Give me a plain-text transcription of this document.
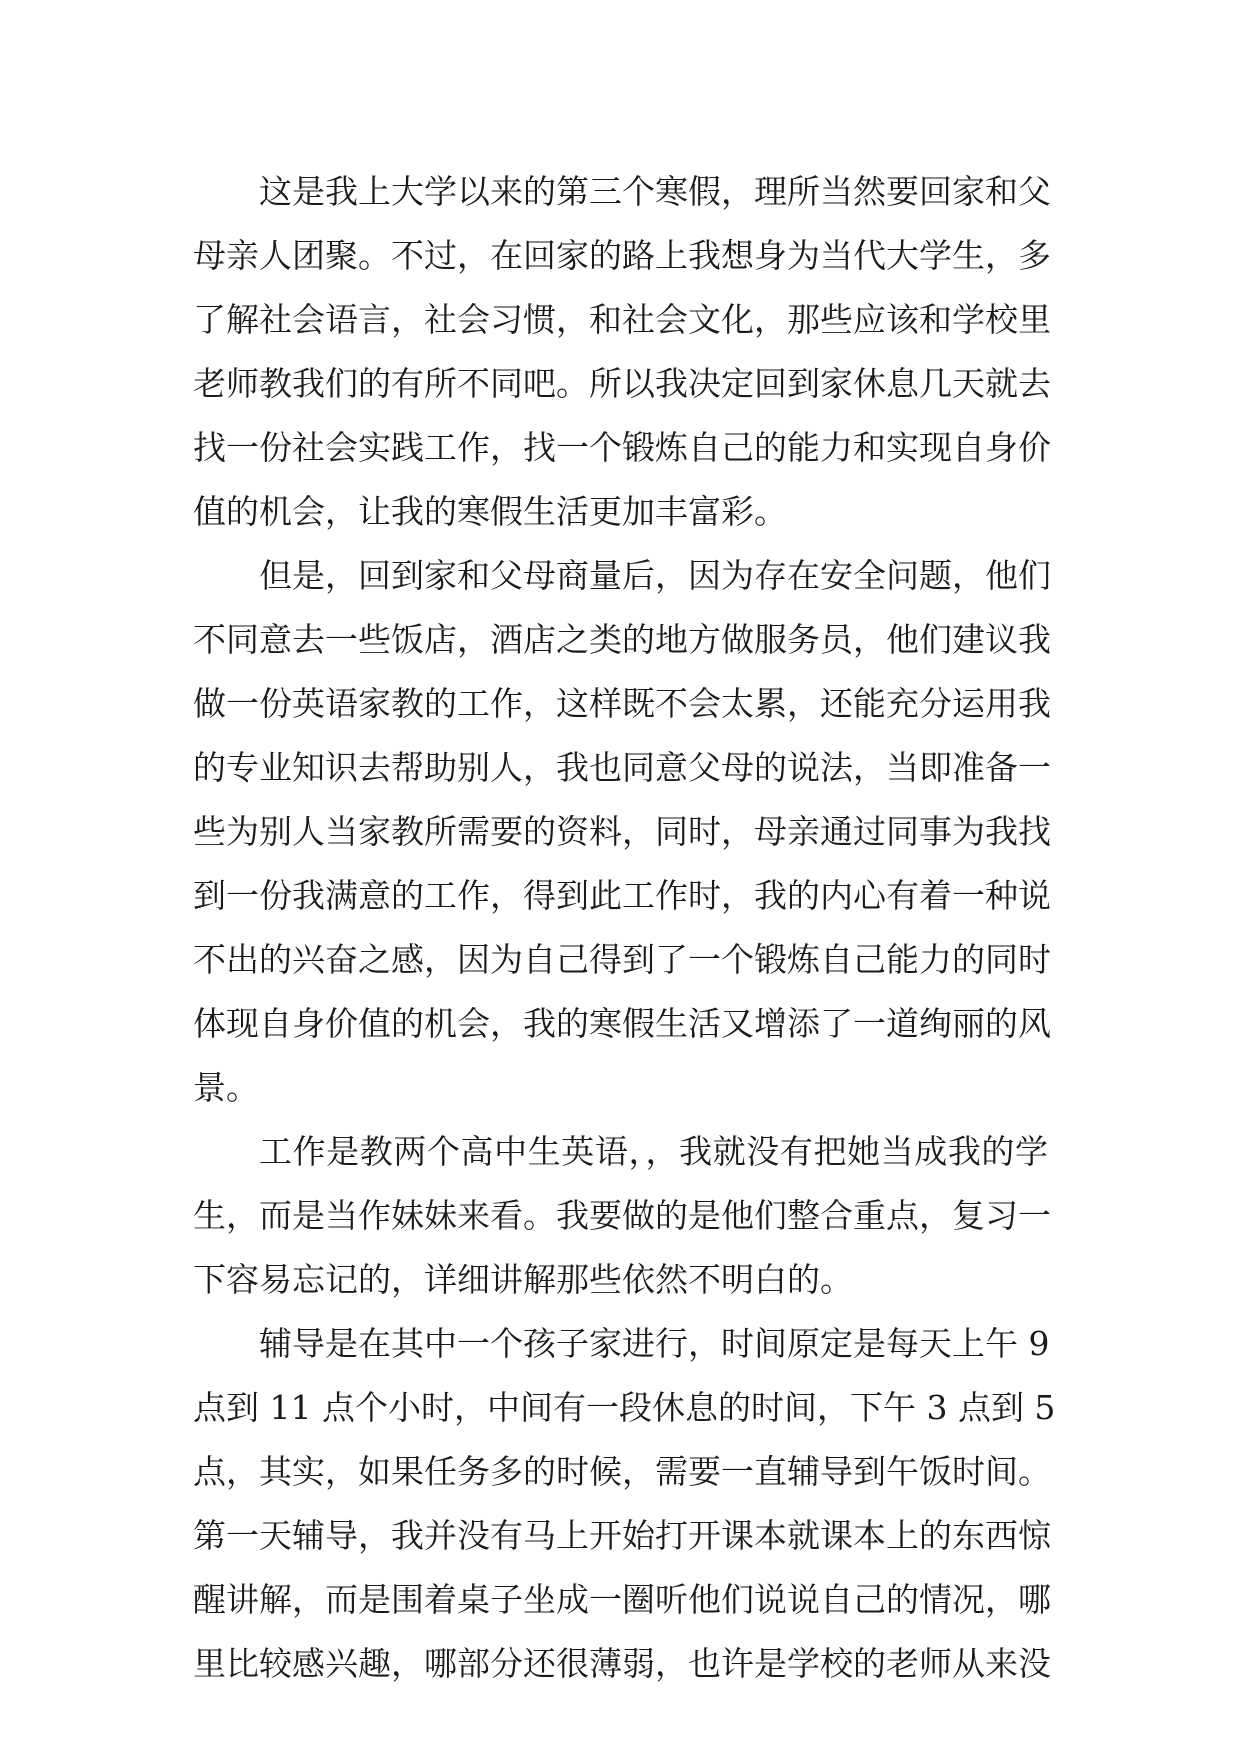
这是我上大学以来的第三个寒假，理所当然要回家和父
母亲人团聚。不过，在回家的路上我想身为当代大学生，多
了解社会语言，社会习惯，和社会文化，那些应该和学校里
老师教我们的有所不同吧。所以我决定回到家休息几天就去
找一份社会实践工作，找一个锻炼自己的能力和实现自身价
值的机会，让我的寒假生活更加丰富彩。
但是，回到家和父母商量后，因为存在安全问题，他们
不同意去一些饭店，酒店之类的地方做服务员，他们建议我
做一份英语家教的工作，这样既不会太累，还能充分运用我
的专业知识去帮助别人，我也同意父母的说法，当即准备一
些为别人当家教所需要的资料，同时，母亲通过同事为我找
到一份我满意的工作，得到此工作时，我的内心有着一种说
不出的兴奋之感，因为自己得到了一个锻炼自己能力的同时
体现自身价值的机会，我的寒假生活又增添了一道绚丽的风
景。
工作是教两个高中生英语，，我就没有把她当成我的学
生，而是当作妹妹来看。我要做的是他们整合重点，复习一
下容易忘记的，详细讲解那些依然不明白的。
辅导是在其中一个孩子家进行，时间原定是每天上午 9
点到 11 点个小时，中间有一段休息的时间，下午 3 点到 5
点，其实，如果任务多的时候，需要一直辅导到午饭时间。
第一天辅导，我并没有马上开始打开课本就课本上的东西惊
醒讲解，而是围着桌子坐成一圈听他们说说自己的情况，哪
里比较感兴趣，哪部分还很薄弱，也许是学校的老师从来没
